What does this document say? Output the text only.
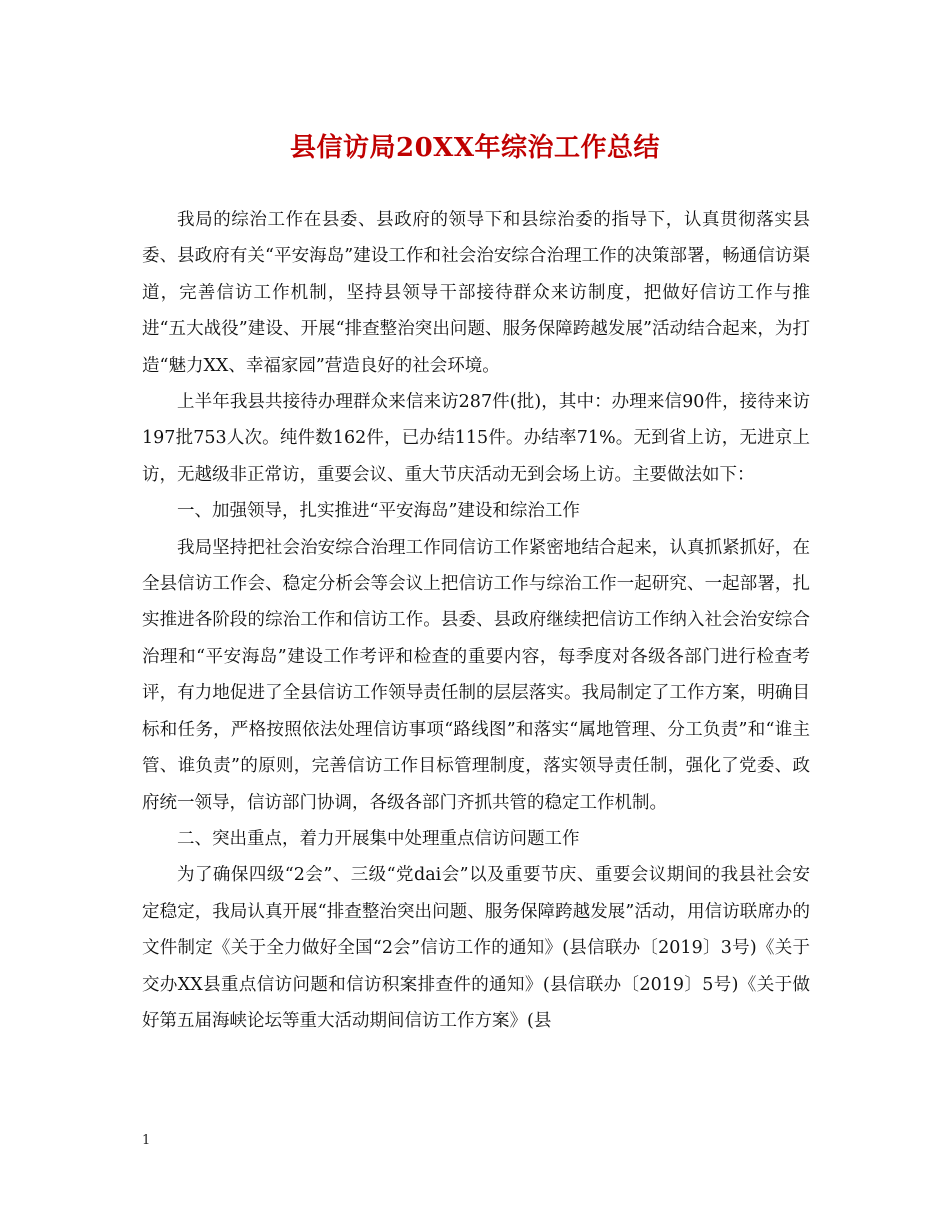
县信访局20XX年综治工作总结

我局的综治工作在县委、县政府的领导下和县综治委的指导下，认真贯彻落实县委、县政府有关“平安海岛”建设工作和社会治安综合治理工作的决策部署，畅通信访渠道，完善信访工作机制，坚持县领导干部接待群众来访制度，把做好信访工作与推进“五大战役”建设、开展“排查整治突出问题、服务保障跨越发展”活动结合起来，为打造“魅力XX、幸福家园”营造良好的社会环境。

上半年我县共接待办理群众来信来访287件(批)，其中：办理来信90件，接待来访197批753人次。纯件数162件，已办结115件。办结率71%。无到省上访，无进京上访，无越级非正常访，重要会议、重大节庆活动无到会场上访。主要做法如下：

一、加强领导，扎实推进“平安海岛”建设和综治工作

我局坚持把社会治安综合治理工作同信访工作紧密地结合起来，认真抓紧抓好，在全县信访工作会、稳定分析会等会议上把信访工作与综治工作一起研究、一起部署，扎实推进各阶段的综治工作和信访工作。县委、县政府继续把信访工作纳入社会治安综合治理和“平安海岛”建设工作考评和检查的重要内容，每季度对各级各部门进行检查考评，有力地促进了全县信访工作领导责任制的层层落实。我局制定了工作方案，明确目标和任务，严格按照依法处理信访事项“路线图”和落实“属地管理、分工负责”和“谁主管、谁负责”的原则，完善信访工作目标管理制度，落实领导责任制，强化了党委、政府统一领导，信访部门协调，各级各部门齐抓共管的稳定工作机制。

二、突出重点，着力开展集中处理重点信访问题工作

为了确保四级“2会”、三级“党dai会”以及重要节庆、重要会议期间的我县社会安定稳定，我局认真开展“排查整治突出问题、服务保障跨越发展”活动，用信访联席办的文件制定《关于全力做好全国“2会”信访工作的通知》(县信联办〔2019〕3号)《关于交办XX县重点信访问题和信访积案排查件的通知》(县信联办〔2019〕5号)《关于做好第五届海峡论坛等重大活动期间信访工作方案》(县

1
